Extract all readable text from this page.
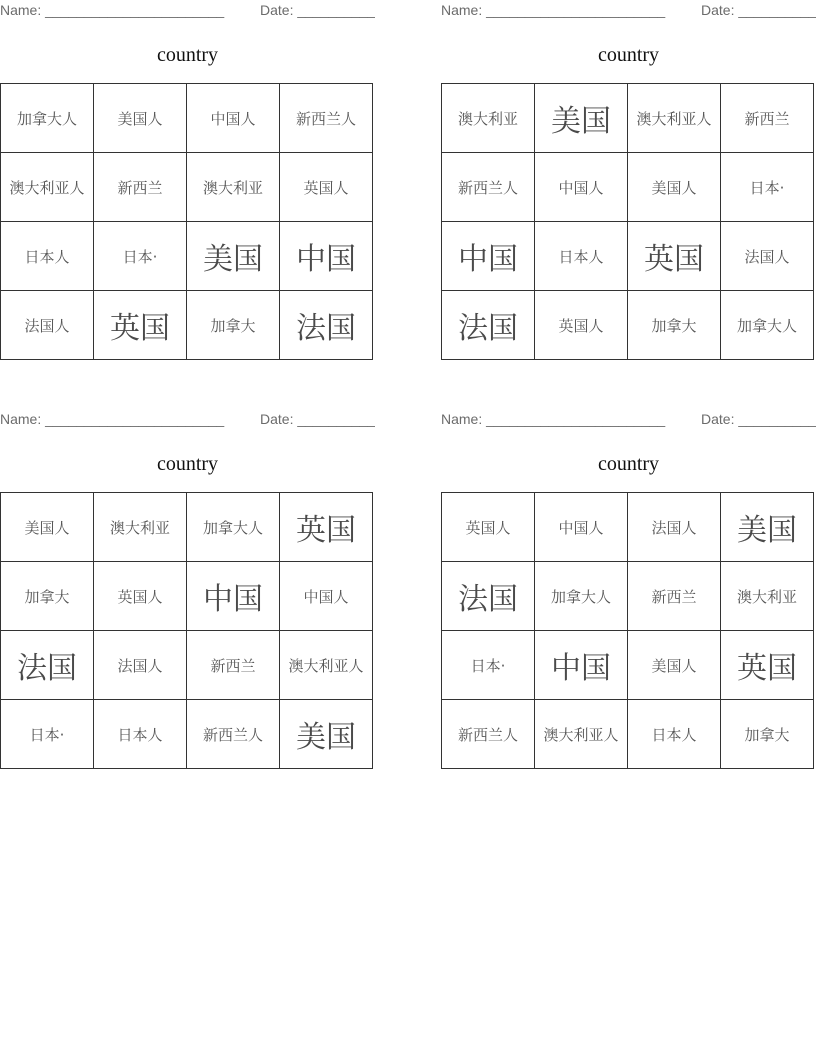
Name: _______________________	Date: __________
country
加拿大人	美国人	中国人	新西兰人
澳大利亚人	新西兰	澳大利亚	英国人
日本人	日本·	美国	中国
法国人	英国	加拿大	法国
Name: _______________________	Date: __________
country
澳大利亚	美国	澳大利亚人	新西兰
新西兰人	中国人	美国人	日本·
中国	日本人	英国	法国人
法国	英国人	加拿大	加拿大人
Name: _______________________	Date: __________
country
美国人	澳大利亚	加拿大人	英国
加拿大	英国人	中国	中国人
法国	法国人	新西兰	澳大利亚人
日本·	日本人	新西兰人	美国
Name: _______________________	Date: __________
country
英国人	中国人	法国人	美国
法国	加拿大人	新西兰	澳大利亚
日本·	中国	美国人	英国
新西兰人	澳大利亚人	日本人	加拿大
